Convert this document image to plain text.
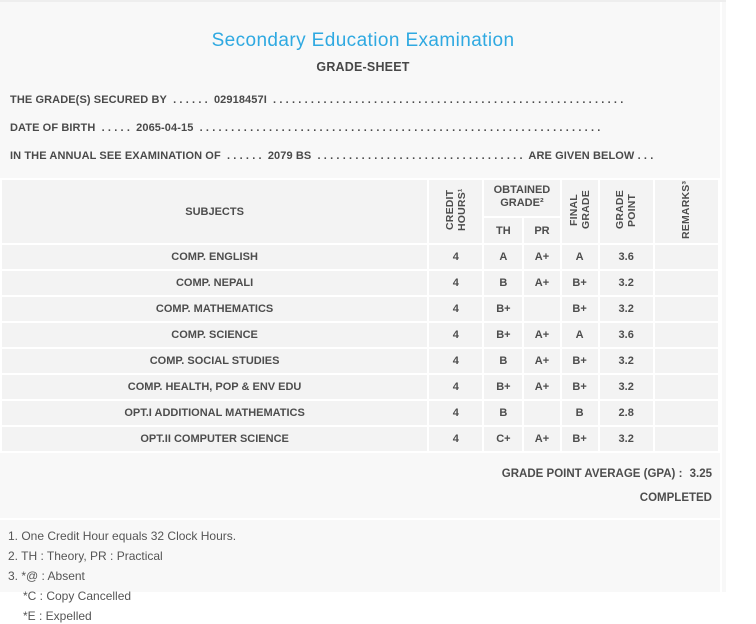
Secondary Education Examination
GRADE-SHEET
THE GRADE(S) SECURED BY . . . . . . 02918457I . . . . . . . . . . . . . . . . . . . . . . . . . . . . . . . . . . . . . . . . . . . . . . . . . . . . . . . .
DATE OF BIRTH . . . . . 2065-04-15 . . . . . . . . . . . . . . . . . . . . . . . . . . . . . . . . . . . . . . . . . . . . . . . . . . . . . . . . . . . . . . . .
IN THE ANNUAL SEE EXAMINATION OF . . . . . . 2079 BS . . . . . . . . . . . . . . . . . . . . . . . . . . . . . . . . . ARE GIVEN BELOW . . .
SUBJECTS	CREDIT HOURS¹	OBTAINED GRADE²		FINAL GRADE	GRADE POINT	REMARKS³
		TH	PR			
COMP. ENGLISH	4	A	A+	A	3.6	
COMP. NEPALI	4	B	A+	B+	3.2	
COMP. MATHEMATICS	4	B+		B+	3.2	
COMP. SCIENCE	4	B+	A+	A	3.6	
COMP. SOCIAL STUDIES	4	B	A+	B+	3.2	
COMP. HEALTH, POP & ENV EDU	4	B+	A+	B+	3.2	
OPT.I ADDITIONAL MATHEMATICS	4	B		B	2.8	
OPT.II COMPUTER SCIENCE	4	C+	A+	B+	3.2	
GRADE POINT AVERAGE (GPA) : 3.25
COMPLETED
1. One Credit Hour equals 32 Clock Hours.
2. TH : Theory, PR : Practical
3. *@ : Absent
*C : Copy Cancelled
*E : Expelled
